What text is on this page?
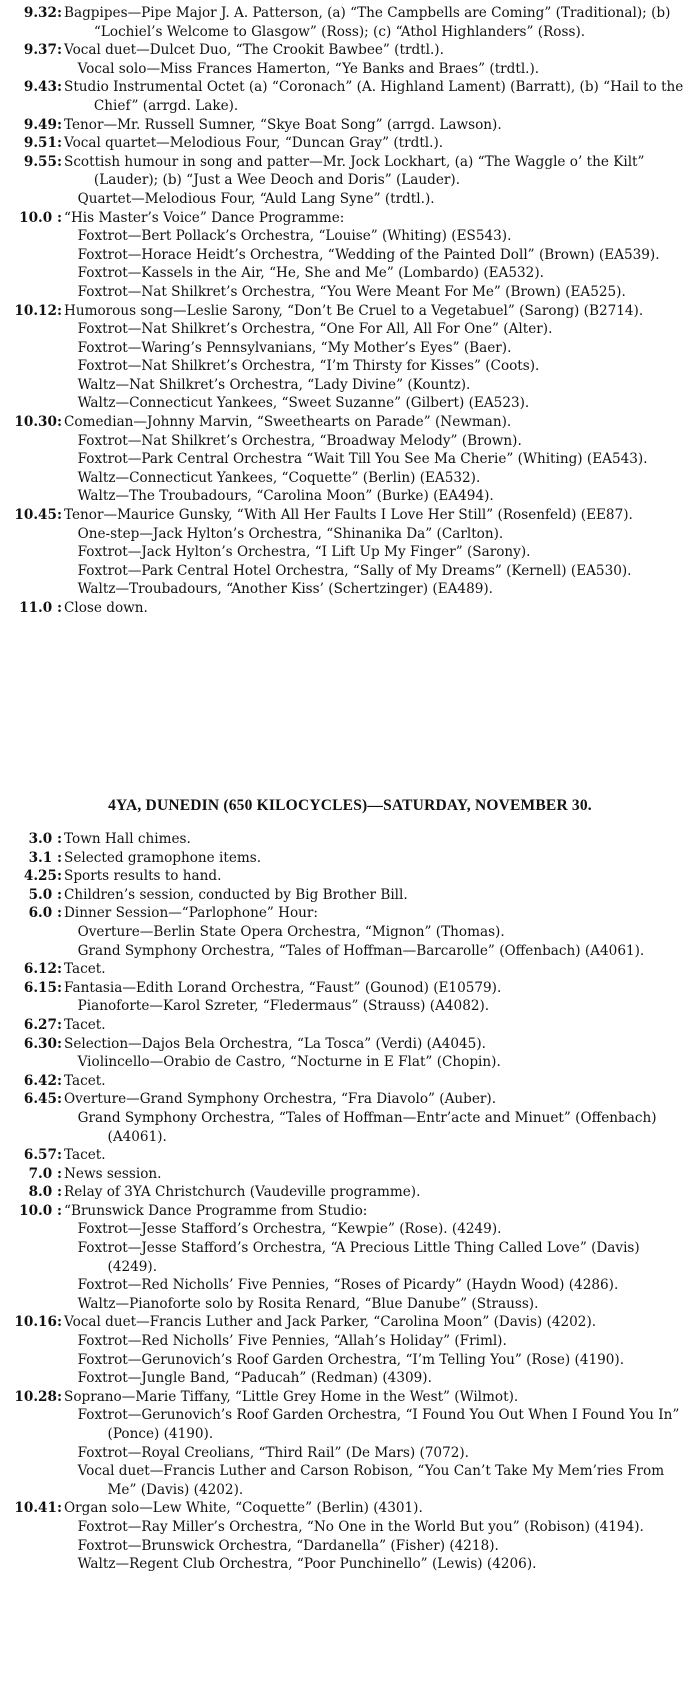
9.32: Bagpipes—Pipe Major J. A. Patterson, (a) “The Campbells are Coming” (Traditional); (b) “Lochiel’s Welcome to Glasgow” (Ross); (c) “Athol Highlanders” (Ross).
9.37: Vocal duet—Dulcet Duo, “The Crookit Bawbee” (trdtl.).
Vocal solo—Miss Frances Hamerton, “Ye Banks and Braes” (trdtl.).
9.43: Studio Instrumental Octet (a) “Coronach” (A. Highland Lament) (Barratt), (b) “Hail to the Chief” (arrgd. Lake).
9.49: Tenor—Mr. Russell Sumner, “Skye Boat Song” (arrgd. Lawson).
9.51: Vocal quartet—Melodious Four, “Duncan Gray” (trdtl.).
9.55: Scottish humour in song and patter—Mr. Jock Lockhart, (a) “The Waggle o’ the Kilt” (Lauder); (b) “Just a Wee Deoch and Doris” (Lauder).
Quartet—Melodious Four, “Auld Lang Syne” (trdtl.).
10.0 : “His Master’s Voice” Dance Programme:
Foxtrot—Bert Pollack’s Orchestra, “Louise” (Whiting) (ES543).
Foxtrot—Horace Heidt’s Orchestra, “Wedding of the Painted Doll” (Brown) (EA539).
Foxtrot—Kassels in the Air, “He, She and Me” (Lombardo) (EA532).
Foxtrot—Nat Shilkret’s Orchestra, “You Were Meant For Me” (Brown) (EA525).
10.12: Humorous song—Leslie Sarony, “Don’t Be Cruel to a Vegetabuel” (Sarong) (B2714).
Foxtrot—Nat Shilkret’s Orchestra, “One For All, All For One” (Alter).
Foxtrot—Waring’s Pennsylvanians, “My Mother’s Eyes” (Baer).
Foxtrot—Nat Shilkret’s Orchestra, “I’m Thirsty for Kisses” (Coots).
Waltz—Nat Shilkret’s Orchestra, “Lady Divine” (Kountz).
Waltz—Connecticut Yankees, “Sweet Suzanne” (Gilbert) (EA523).
10.30: Comedian—Johnny Marvin, “Sweethearts on Parade” (Newman).
Foxtrot—Nat Shilkret’s Orchestra, “Broadway Melody” (Brown).
Foxtrot—Park Central Orchestra “Wait Till You See Ma Cherie” (Whiting) (EA543).
Waltz—Connecticut Yankees, “Coquette” (Berlin) (EA532).
Waltz—The Troubadours, “Carolina Moon” (Burke) (EA494).
10.45: Tenor—Maurice Gunsky, “With All Her Faults I Love Her Still” (Rosenfeld) (EE87).
One-step—Jack Hylton’s Orchestra, “Shinanika Da” (Carlton).
Foxtrot—Jack Hylton’s Orchestra, “I Lift Up My Finger” (Sarony).
Foxtrot—Park Central Hotel Orchestra, “Sally of My Dreams” (Kernell) (EA530).
Waltz—Troubadours, “Another Kiss’ (Schertzinger) (EA489).
11.0 : Close down.
4YA, DUNEDIN (650 KILOCYCLES)—SATURDAY, NOVEMBER 30.
3.0 : Town Hall chimes.
3.1 : Selected gramophone items.
4.25: Sports results to hand.
5.0 : Children’s session, conducted by Big Brother Bill.
6.0 : Dinner Session—“Parlophone” Hour:
Overture—Berlin State Opera Orchestra, “Mignon” (Thomas).
Grand Symphony Orchestra, “Tales of Hoffman—Barcarolle” (Offenbach) (A4061).
6.12: Tacet.
6.15: Fantasia—Edith Lorand Orchestra, “Faust” (Gounod) (E10579).
Pianoforte—Karol Szreter, “Fledermaus” (Strauss) (A4082).
6.27: Tacet.
6.30: Selection—Dajos Bela Orchestra, “La Tosca” (Verdi) (A4045).
Violincello—Orabio de Castro, “Nocturne in E Flat” (Chopin).
6.42: Tacet.
6.45: Overture—Grand Symphony Orchestra, “Fra Diavolo” (Auber).
Grand Symphony Orchestra, “Tales of Hoffman—Entr’acte and Minuet” (Offenbach) (A4061).
6.57: Tacet.
7.0 : News session.
8.0 : Relay of 3YA Christchurch (Vaudeville programme).
10.0 : “Brunswick Dance Programme from Studio:
Foxtrot—Jesse Stafford’s Orchestra, “Kewpie” (Rose). (4249).
Foxtrot—Jesse Stafford’s Orchestra, “A Precious Little Thing Called Love” (Davis) (4249).
Foxtrot—Red Nicholls’ Five Pennies, “Roses of Picardy” (Haydn Wood) (4286).
Waltz—Pianoforte solo by Rosita Renard, “Blue Danube” (Strauss).
10.16: Vocal duet—Francis Luther and Jack Parker, “Carolina Moon” (Davis) (4202).
Foxtrot—Red Nicholls’ Five Pennies, “Allah’s Holiday” (Friml).
Foxtrot—Gerunovich’s Roof Garden Orchestra, “I’m Telling You” (Rose) (4190).
Foxtrot—Jungle Band, “Paducah” (Redman) (4309).
10.28: Soprano—Marie Tiffany, “Little Grey Home in the West” (Wilmot).
Foxtrot—Gerunovich’s Roof Garden Orchestra, “I Found You Out When I Found You In” (Ponce) (4190).
Foxtrot—Royal Creolians, “Third Rail” (De Mars) (7072).
Vocal duet—Francis Luther and Carson Robison, “You Can’t Take My Mem’ries From Me” (Davis) (4202).
10.41: Organ solo—Lew White, “Coquette” (Berlin) (4301).
Foxtrot—Ray Miller’s Orchestra, “No One in the World But you” (Robison) (4194).
Foxtrot—Brunswick Orchestra, “Dardanella” (Fisher) (4218).
Waltz—Regent Club Orchestra, “Poor Punchinello” (Lewis) (4206).
